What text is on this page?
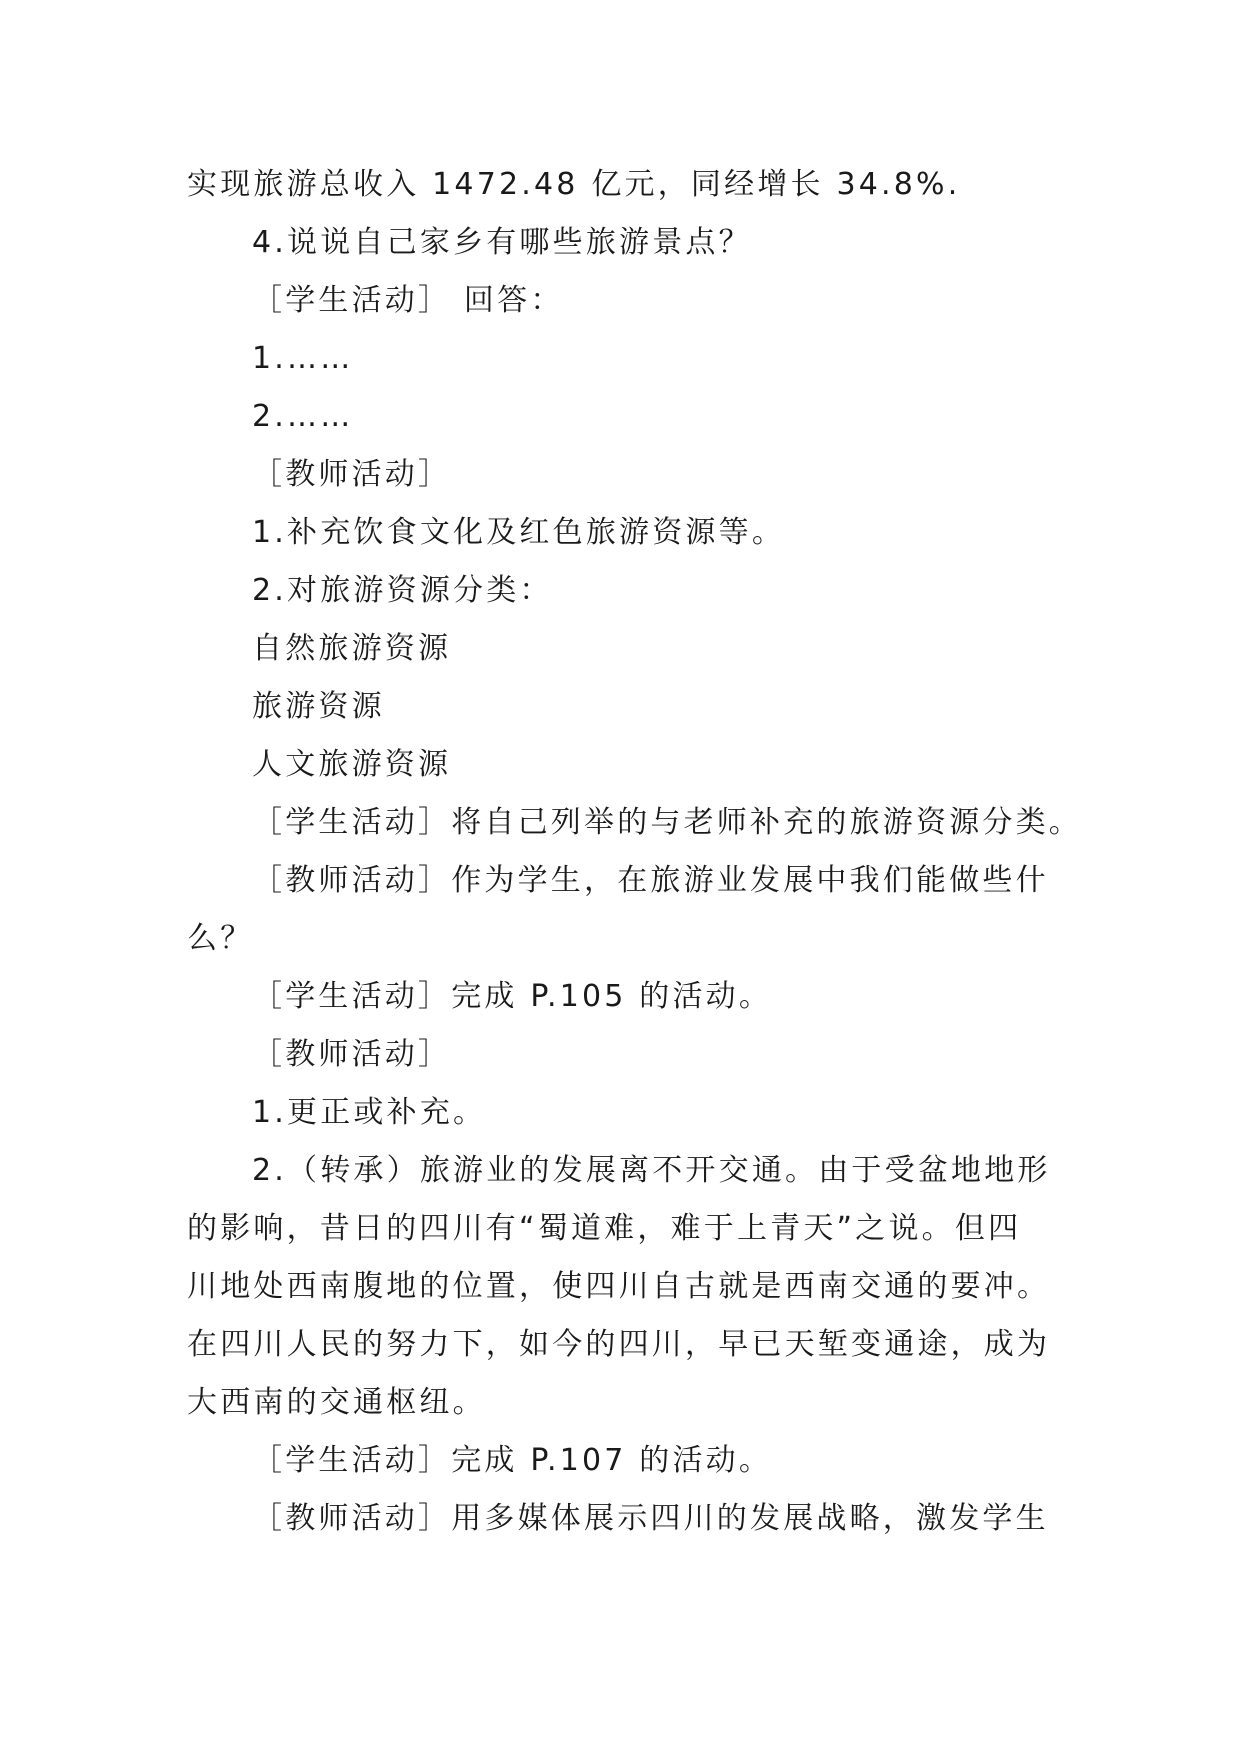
实现旅游总收入 1472.48 亿元，同经增长 34.8%.
4.说说自己家乡有哪些旅游景点？
［学生活动］ 回答：
1.……
2.……
［教师活动］
1.补充饮食文化及红色旅游资源等。
2.对旅游资源分类：
自然旅游资源
旅游资源
人文旅游资源
［学生活动］将自己列举的与老师补充的旅游资源分类。
［教师活动］作为学生，在旅游业发展中我们能做些什
么？
［学生活动］完成 P.105 的活动。
［教师活动］
1.更正或补充。
2.（转承）旅游业的发展离不开交通。由于受盆地地形
的影响，昔日的四川有“蜀道难，难于上青天”之说。但四
川地处西南腹地的位置，使四川自古就是西南交通的要冲。
在四川人民的努力下，如今的四川，早已天堑变通途，成为
大西南的交通枢纽。
［学生活动］完成 P.107 的活动。
［教师活动］用多媒体展示四川的发展战略，激发学生
